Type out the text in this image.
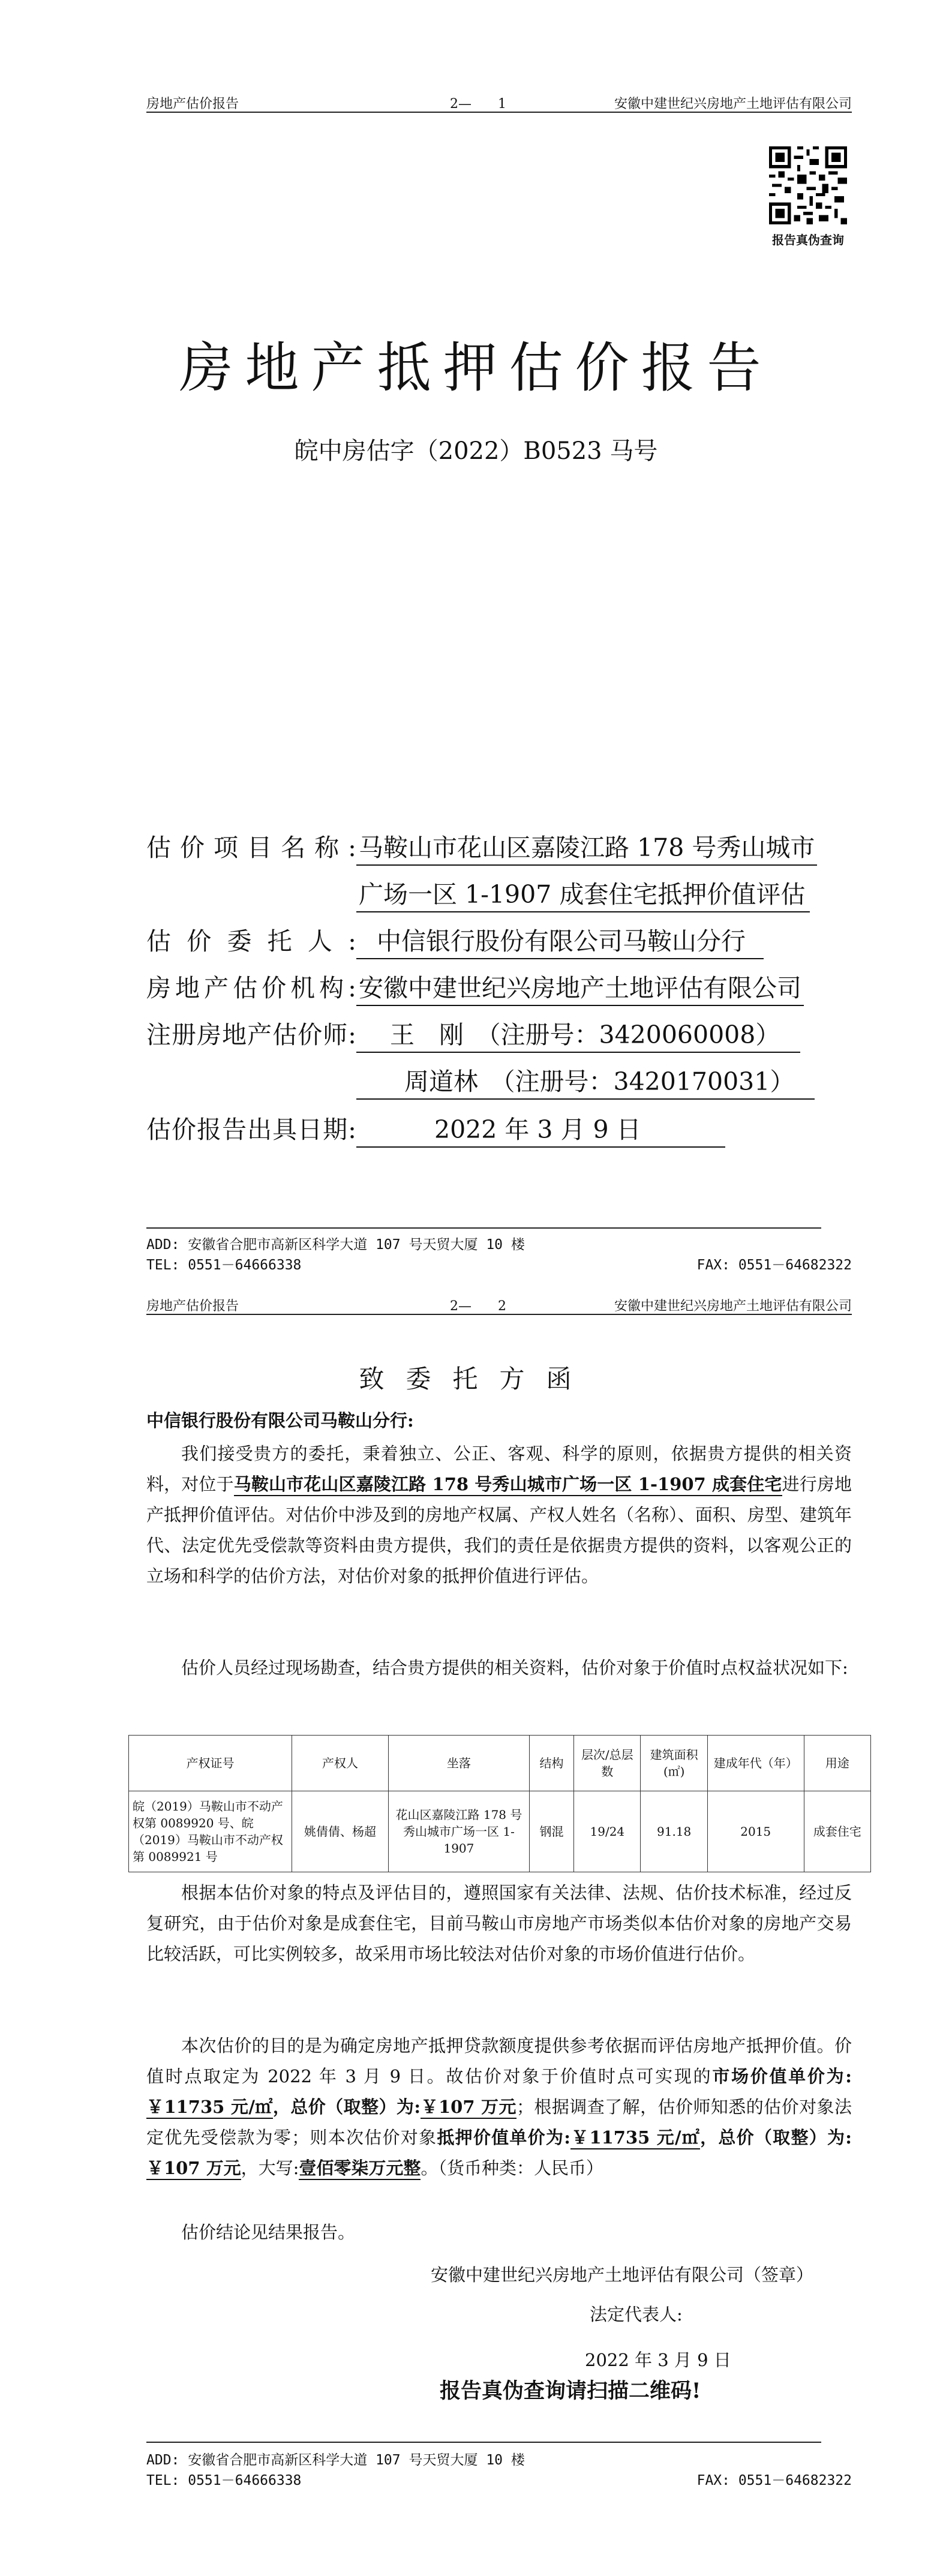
房地产估价报告	2—　　1	安徽中建世纪兴房地产土地评估有限公司
报告真伪查询
房地产抵押估价报告
皖中房估字（2022）B0523 马号
估价项目名称:马鞍山市花山区嘉陵江路 178 号秀山城市
广场一区 1-1907 成套住宅抵押价值评估
估价委托人: 中信银行股份有限公司马鞍山分行
房地产估价机构:安徽中建世纪兴房地产土地评估有限公司
注册房地产估价师: 王　刚　（注册号：3420060008）
周道林　（注册号：3420170031）
估价报告出具日期:	2022 年 3 月 9 日
ADD: 安徽省合肥市高新区科学大道 107 号天贸大厦 10 楼
TEL: 0551－64666338	FAX: 0551－64682322
房地产估价报告	2—　　2	安徽中建世纪兴房地产土地评估有限公司
致委托方函
中信银行股份有限公司马鞍山分行:
我们接受贵方的委托，秉着独立、公正、客观、科学的原则，依据贵方提供的相关资料，对位于马鞍山市花山区嘉陵江路 178 号秀山城市广场一区 1-1907 成套住宅进行房地产抵押价值评估。对估价中涉及到的房地产权属、产权人姓名（名称）、面积、房型、建筑年代、法定优先受偿款等资料由贵方提供，我们的责任是依据贵方提供的资料，以客观公正的立场和科学的估价方法，对估价对象的抵押价值进行评估。
估价人员经过现场勘查，结合贵方提供的相关资料，估价对象于价值时点权益状况如下:
产权证号	产权人	坐落	结构	层次/总层数	建筑面积(㎡)	建成年代（年）	用途
皖（2019）马鞍山市不动产权第 0089920 号、皖（2019）马鞍山市不动产权第 0089921 号	姚倩倩、杨超	花山区嘉陵江路 178 号秀山城市广场一区 1-1907	钢混	19/24	91.18	2015	成套住宅
根据本估价对象的特点及评估目的，遵照国家有关法律、法规、估价技术标准，经过反复研究，由于估价对象是成套住宅，目前马鞍山市房地产市场类似本估价对象的房地产交易比较活跃，可比实例较多，故采用市场比较法对估价对象的市场价值进行估价。
本次估价的目的是为确定房地产抵押贷款额度提供参考依据而评估房地产抵押价值。价值时点取定为 2022 年 3 月 9 日。故估价对象于价值时点可实现的市场价值单价为:￥11735 元/㎡，总价（取整）为:￥107 万元；根据调查了解，估价师知悉的估价对象法定优先受偿款为零；则本次估价对象抵押价值单价为:￥11735 元/㎡，总价（取整）为:￥107 万元，大写:壹佰零柒万元整。（货币种类：人民币）
估价结论见结果报告。
安徽中建世纪兴房地产土地评估有限公司（签章）
法定代表人:
2022 年 3 月 9 日
报告真伪查询请扫描二维码!
ADD: 安徽省合肥市高新区科学大道 107 号天贸大厦 10 楼
TEL: 0551－64666338	FAX: 0551－64682322
